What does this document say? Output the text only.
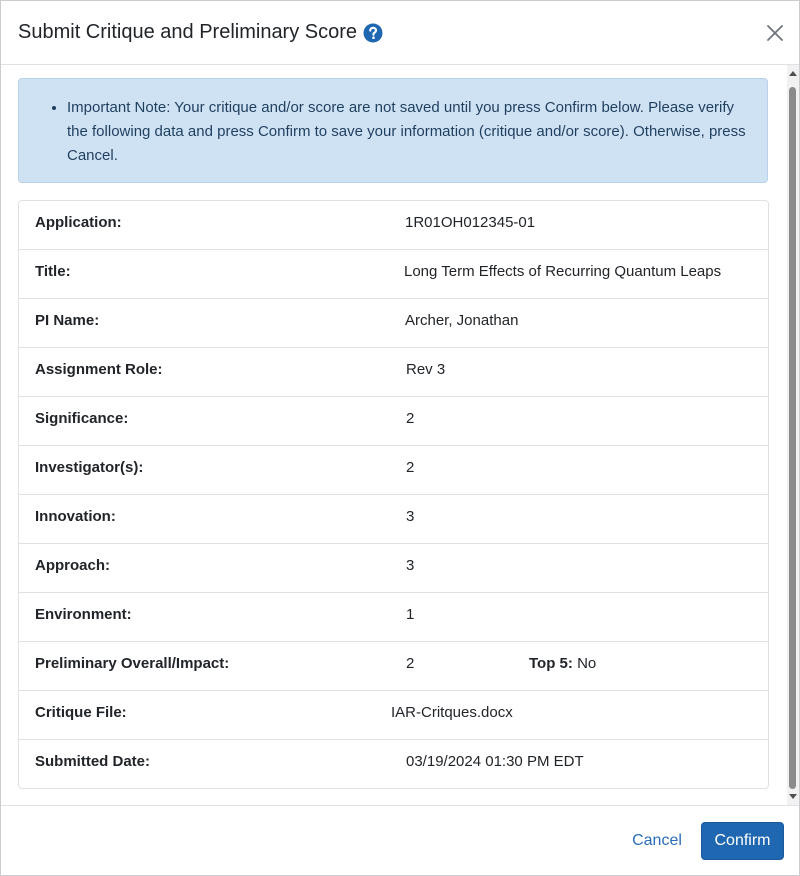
Submit Critique and Preliminary Score
• Important Note: Your critique and/or score are not saved until you press Confirm below. Please verify the following data and press Confirm to save your information (critique and/or score). Otherwise, press Cancel.
Application:	1R01OH012345-01
Title:	Long Term Effects of Recurring Quantum Leaps
PI Name:	Archer, Jonathan
Assignment Role:	Rev 3
Significance:	2
Investigator(s):	2
Innovation:	3
Approach:	3
Environment:	1
Preliminary Overall/Impact:	2	Top 5: No
Critique File:	IAR-Critques.docx
Submitted Date:	03/19/2024 01:30 PM EDT
Cancel	Confirm
